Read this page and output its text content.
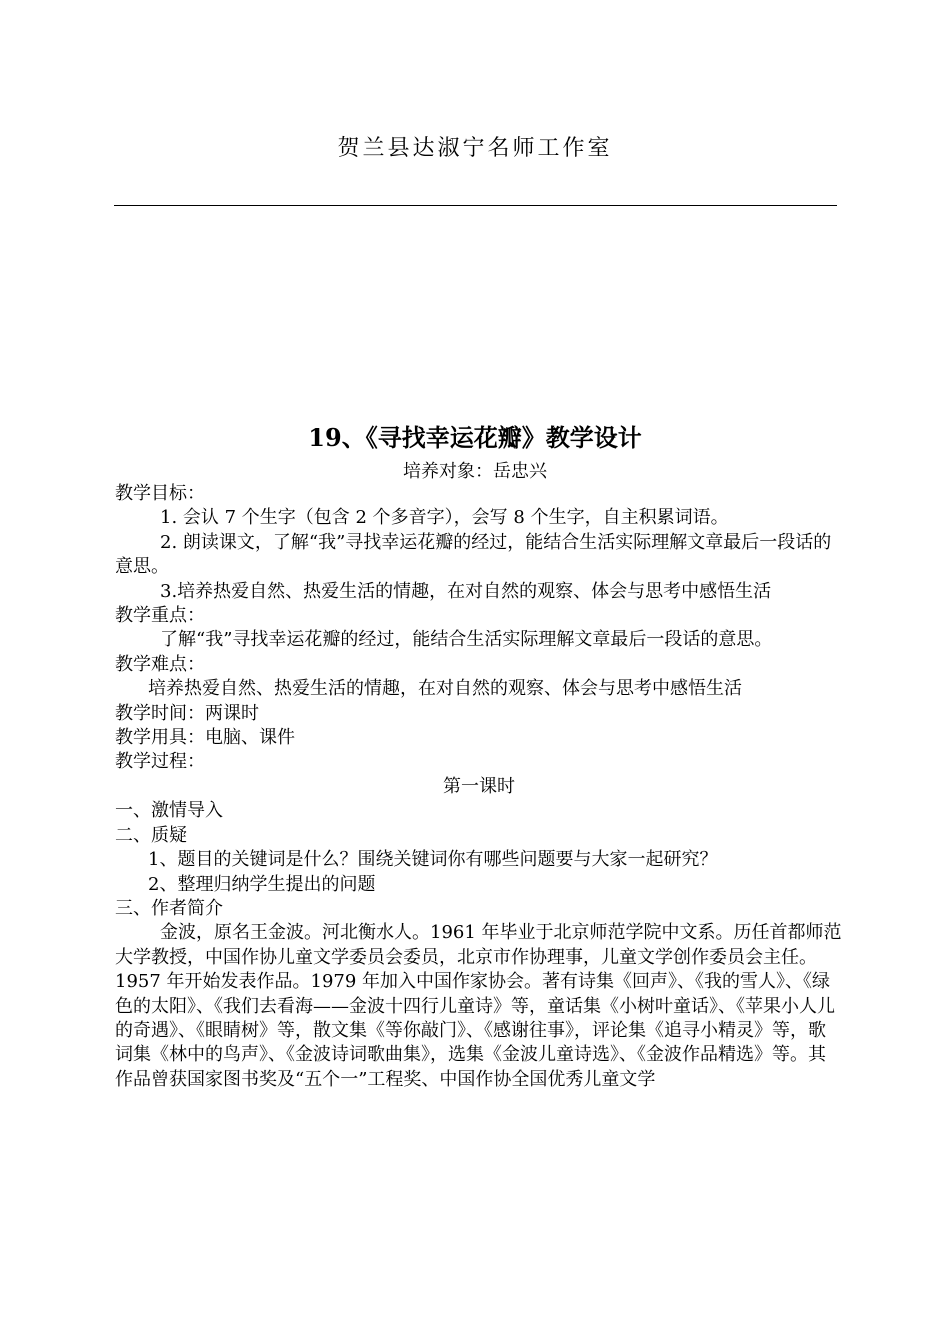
贺兰县达淑宁名师工作室
19、《寻找幸运花瓣》教学设计
培养对象：岳忠兴

教学目标：

1. 会认 7 个生字（包含 2 个多音字），会写 8 个生字，自主积累词语。

2. 朗读课文，了解“我”寻找幸运花瓣的经过，能结合生活实际理解文章最后一段话的意思。

3.培养热爱自然、热爱生活的情趣，在对自然的观察、体会与思考中感悟生活

教学重点：

了解“我”寻找幸运花瓣的经过，能结合生活实际理解文章最后一段话的意思。

教学难点：

培养热爱自然、热爱生活的情趣，在对自然的观察、体会与思考中感悟生活

教学时间：两课时

教学用具：电脑、课件

教学过程：

第一课时

一、激情导入

二、质疑

1、题目的关键词是什么？围绕关键词你有哪些问题要与大家一起研究？

2、整理归纳学生提出的问题

三、作者简介

金波，原名王金波。河北衡水人。1961 年毕业于北京师范学院中文系。历任首都师范大学教授，中国作协儿童文学委员会委员，北京市作协理事，儿童文学创作委员会主任。1957 年开始发表作品。1979 年加入中国作家协会。著有诗集《回声》、《我的雪人》、《绿色的太阳》、《我们去看海——金波十四行儿童诗》等，童话集《小树叶童话》、《苹果小人儿的奇遇》、《眼睛树》等，散文集《等你敲门》、《感谢往事》，评论集《追寻小精灵》等，歌词集《林中的鸟声》、《金波诗词歌曲集》，选集《金波儿童诗选》、《金波作品精选》等。其作品曾获国家图书奖及“五个一”工程奖、中国作协全国优秀儿童文学
